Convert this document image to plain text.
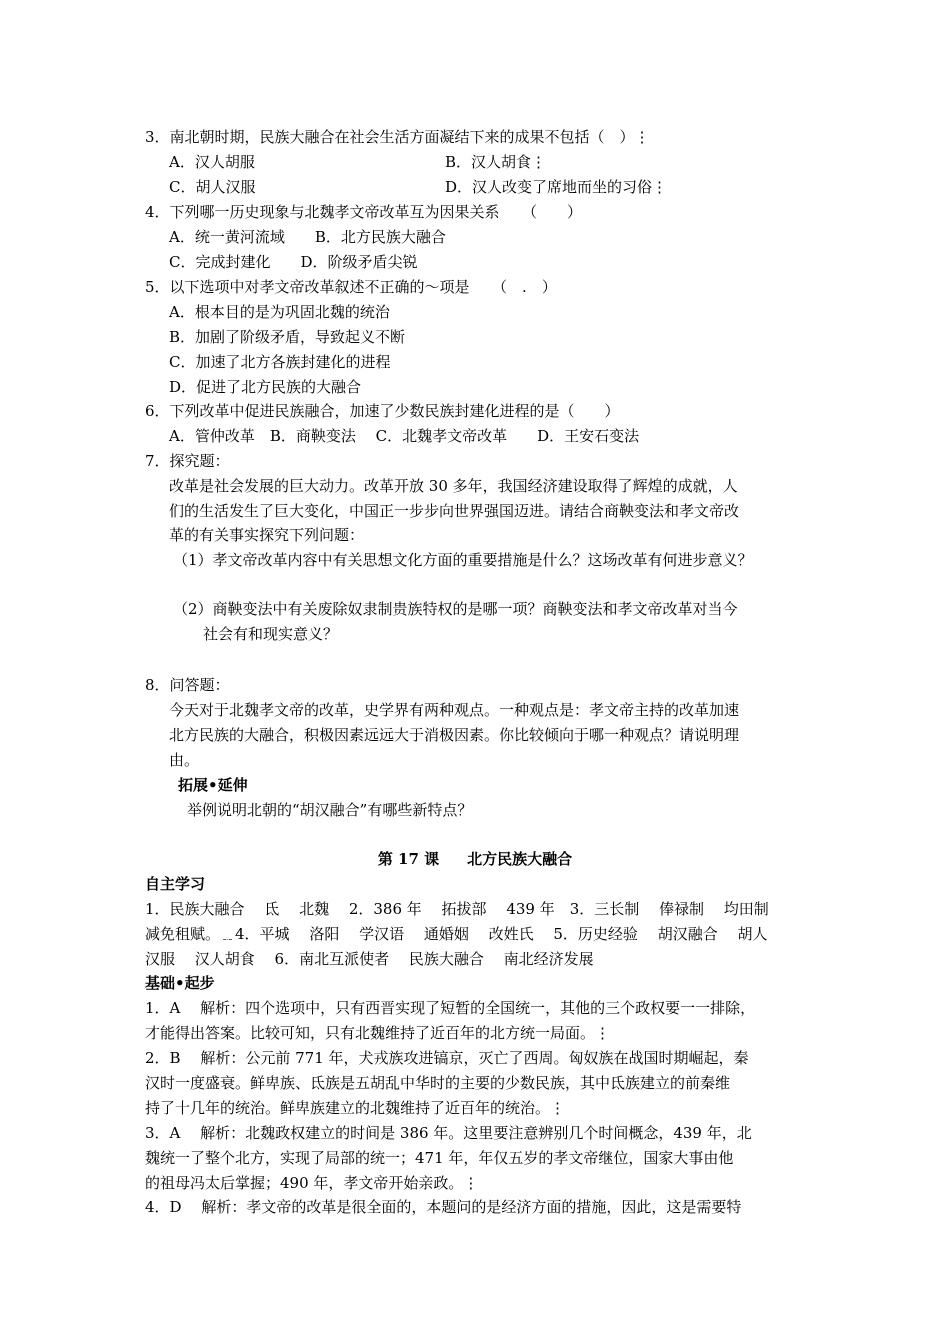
3．南北朝时期，民族大融合在社会生活方面凝结下来的成果不包括（　）⋮
A．汉人胡服	B．汉人胡食⋮
C．胡人汉服	D．汉人改变了席地而坐的习俗⋮
4．下列哪一历史现象与北魏孝文帝改革互为因果关系　　（　　）
A．统一黄河流域　　B．北方民族大融合
C．完成封建化　　D．阶级矛盾尖锐
5．以下选项中对孝文帝改革叙述不正确的～项是　　（　.　）
A．根本目的是为巩固北魏的统治
B．加剧了阶级矛盾，导致起义不断
C．加速了北方各族封建化的进程
D．促进了北方民族的大融合
6．下列改革中促进民族融合，加速了少数民族封建化进程的是（　　）
A．管仲改革　B．商鞅变法　 C．北魏孝文帝改革　　D．王安石变法
7．探究题：
改革是社会发展的巨大动力。改革开放 30 多年，我国经济建设取得了辉煌的成就，人
们的生活发生了巨大变化，中国正一步步向世界强国迈进。请结合商鞅变法和孝文帝改
革的有关事实探究下列问题：
（1）孝文帝改革内容中有关思想文化方面的重要措施是什么？这场改革有何进步意义？
（2）商鞅变法中有关废除奴隶制贵族特权的是哪一项？商鞅变法和孝文帝改革对当今
社会有和现实意义？
8．问答题：
今天对于北魏孝文帝的改革，史学界有两种观点。一种观点是：孝文帝主持的改革加速
北方民族的大融合，积极因素远远大于消极因素。你比较倾向于哪一种观点？请说明理
由。
拓展•延伸
举例说明北朝的“胡汉融合”有哪些新特点？
第 17 课 北方民族大融合
自主学习
1．民族大融合　 氐　 北魏　 2．386 年　 拓拔部　 439 年　3．三长制　 俸禄制　 均田制
减免租赋。﹎4．平城　 洛阳　 学汉语　 通婚姻　 改姓氏　 5．历史经验　 胡汉融合　 胡人
汉服　 汉人胡食　 6．南北互派使者　 民族大融合　 南北经济发展
基础•起步
1．A　 解析：四个选项中，只有西晋实现了短暂的全国统一，其他的三个政权要一一排除，
才能得出答案。比较可知，只有北魏维持了近百年的北方统一局面。⋮
2．B　 解析：公元前 771 年，犬戎族攻进镐京，灭亡了西周。匈奴族在战国时期崛起，秦
汉时一度盛衰。鲜卑族、氐族是五胡乱中华时的主要的少数民族，其中氐族建立的前秦维
持了十几年的统治。鲜卑族建立的北魏维持了近百年的统治。⋮
3．A　 解析：北魏政权建立的时间是 386 年。这里要注意辨别几个时间概念，439 年，北
魏统一了整个北方，实现了局部的统一；471 年，年仅五岁的孝文帝继位，国家大事由他
的祖母冯太后掌握；490 年，孝文帝开始亲政。⋮
4．D　 解析：孝文帝的改革是很全面的，本题问的是经济方面的措施，因此，这是需要特
